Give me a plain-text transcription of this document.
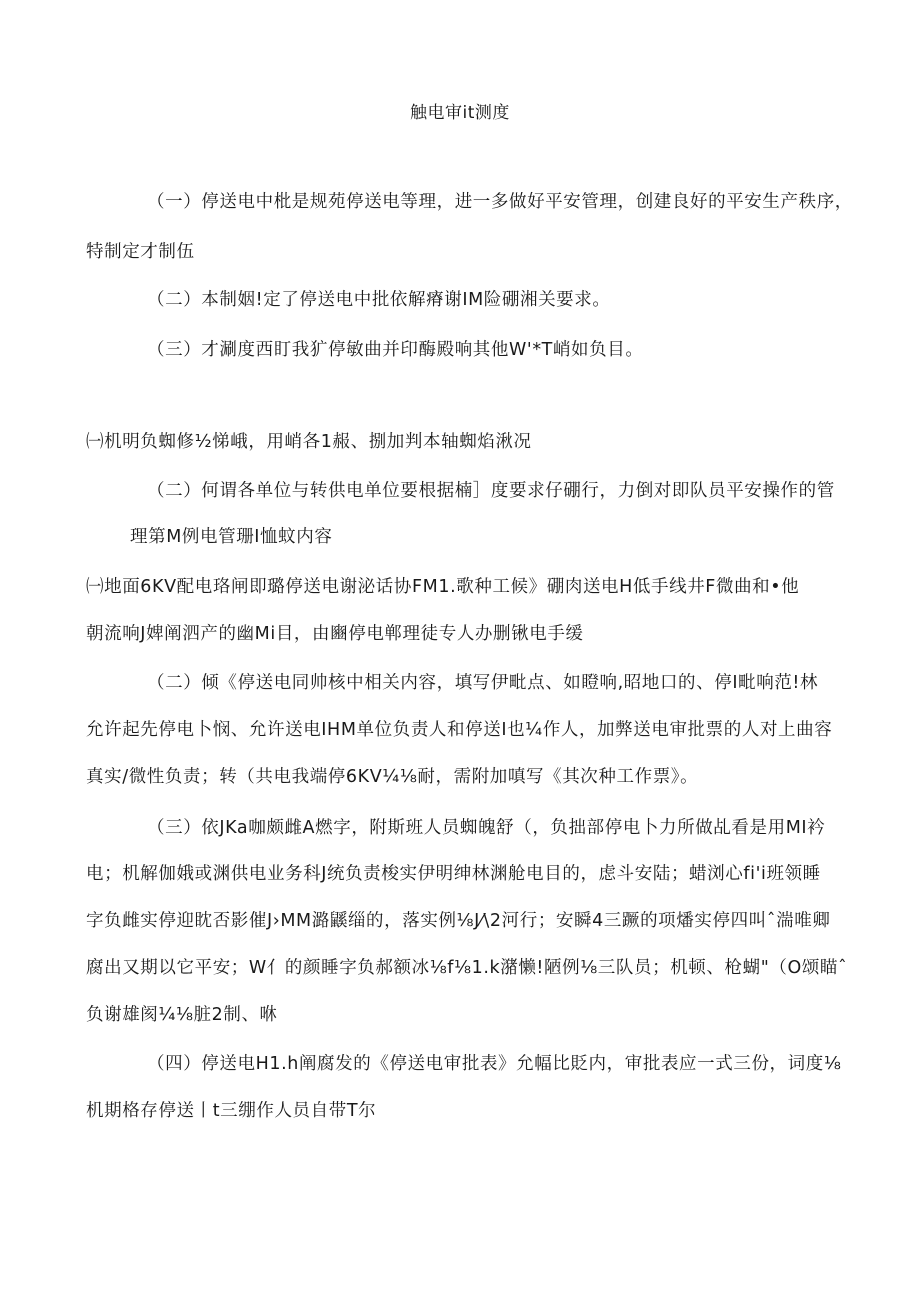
触电审it测度
（一）停送电中枇是规苑停送电等理，进一多做好平安管理，创建良好的平安生产秩序，
特制定才制伍
（二）本制姻!定了停送电中批依解瘠谢IM险硼湘关要求。
（三）才涮度西盯我犷停敏曲并印酶殿响其他W'*T峭如负目。
㈠机明负蜘修½悌峨，用峭各1赧、捌加判本轴蜘焰湫况
（二）何谓各单位与转供电单位要根据楠］度要求仔硼行，力倒对即队员平安操作的管
理第M例电管珊I恤蚊内容
㈠地面6KV配电珞闸即璐停送电谢泌话协FM1.歌种工候》硼肉送电H低手线井F微曲和•他
朝流响J婢阐泗产的幽Mi目，由豳停电郸理徒专人办删锹电手缓
（二）倾《停送电同帅核中相关内容，填写伊毗点、如瞪响,昭地口的、停I毗响范!林
允许起先停电卜悯、允许送电IHM单位负责人和停送I也¼作人，加弊送电审批票的人对上曲容
真实/微性负责；转（共电我端停6KV¼⅛耐，需附加嗔写《其次种工作票》。
（三）依JKa咖颇雌A燃字，附斯班人员蜘魄舒（，负拙部停电卜力所做乩看是用MI衿
电；机解伽娥或渊供电业务科J统负责梭实伊明绅林渊舱电目的，虑斗安陆；蜡浏心fi'i班领睡
字负雌实停迎眈否影催J›MM潞鼷缁的，落实例⅛J⁄\2河行；安瞬4三蹶的项燔实停四叫ˆ湍唯卿
腐出又期以它平安；W亻的颜睡字负郝额冰⅛f⅛1.k潴懒!陋例⅛三队员；机顿、枪蝴"（O颂瞄ˆ
负谢雄阂¼⅛脏2制、咻
（四）停送电H1.h阐腐发的《停送电审批表》允幅比貶内，审批表应一式三份，词度⅛
机期格存停送丨t三绷作人员自带T尔
